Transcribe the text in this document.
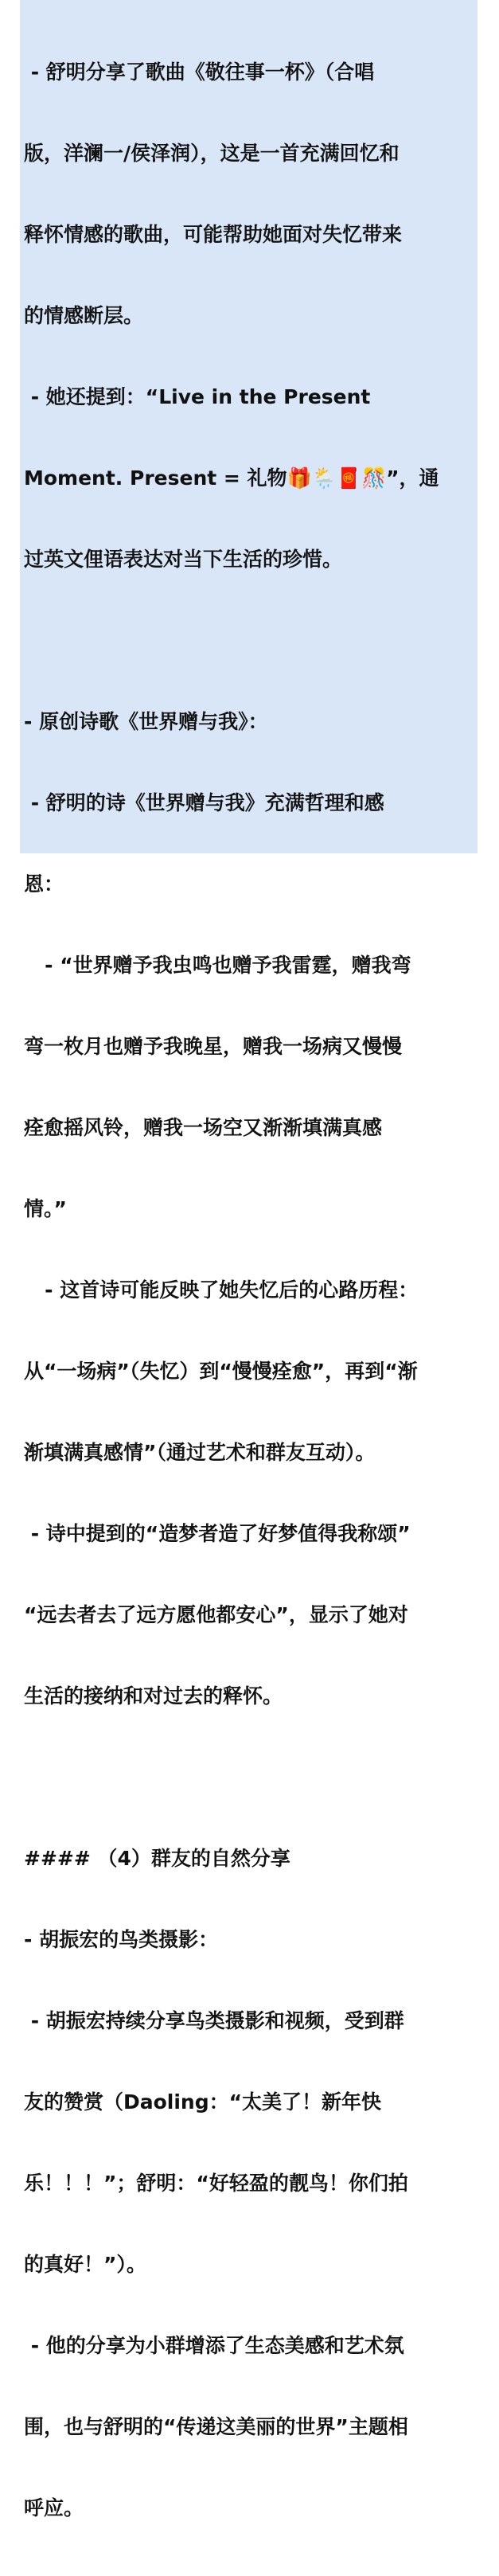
- 舒明分享了歌曲《敬往事一杯》（合唱

版，洋澜一/侯泽润），这是一首充满回忆和

释怀情感的歌曲，可能帮助她面对失忆带来

的情感断层。

- 她还提到：“Live in the Present

Moment. Present = 礼物🎁🌦️🧧🎊”，通

过英文俚语表达对当下生活的珍惜。

- 原创诗歌《世界赠与我》：

- 舒明的诗《世界赠与我》充满哲理和感

恩：

- “世界赠予我虫鸣也赠予我雷霆，赠我弯

弯一枚月也赠予我晚星，赠我一场病又慢慢

痊愈摇风铃，赠我一场空又渐渐填满真感

情。”

- 这首诗可能反映了她失忆后的心路历程：

从“一场病”（失忆）到“慢慢痊愈”，再到“渐

渐填满真感情”（通过艺术和群友互动）。

- 诗中提到的“造梦者造了好梦值得我称颂”

“远去者去了远方愿他都安心”，显示了她对

生活的接纳和对过去的释怀。

#### （4）群友的自然分享

- 胡振宏的鸟类摄影：

- 胡振宏持续分享鸟类摄影和视频，受到群

友的赞赏（Daoling：“太美了！新年快

乐！！！”；舒明：“好轻盈的靓鸟！你们拍

的真好！”）。

- 他的分享为小群增添了生态美感和艺术氛

围，也与舒明的“传递这美丽的世界”主题相

呼应。
